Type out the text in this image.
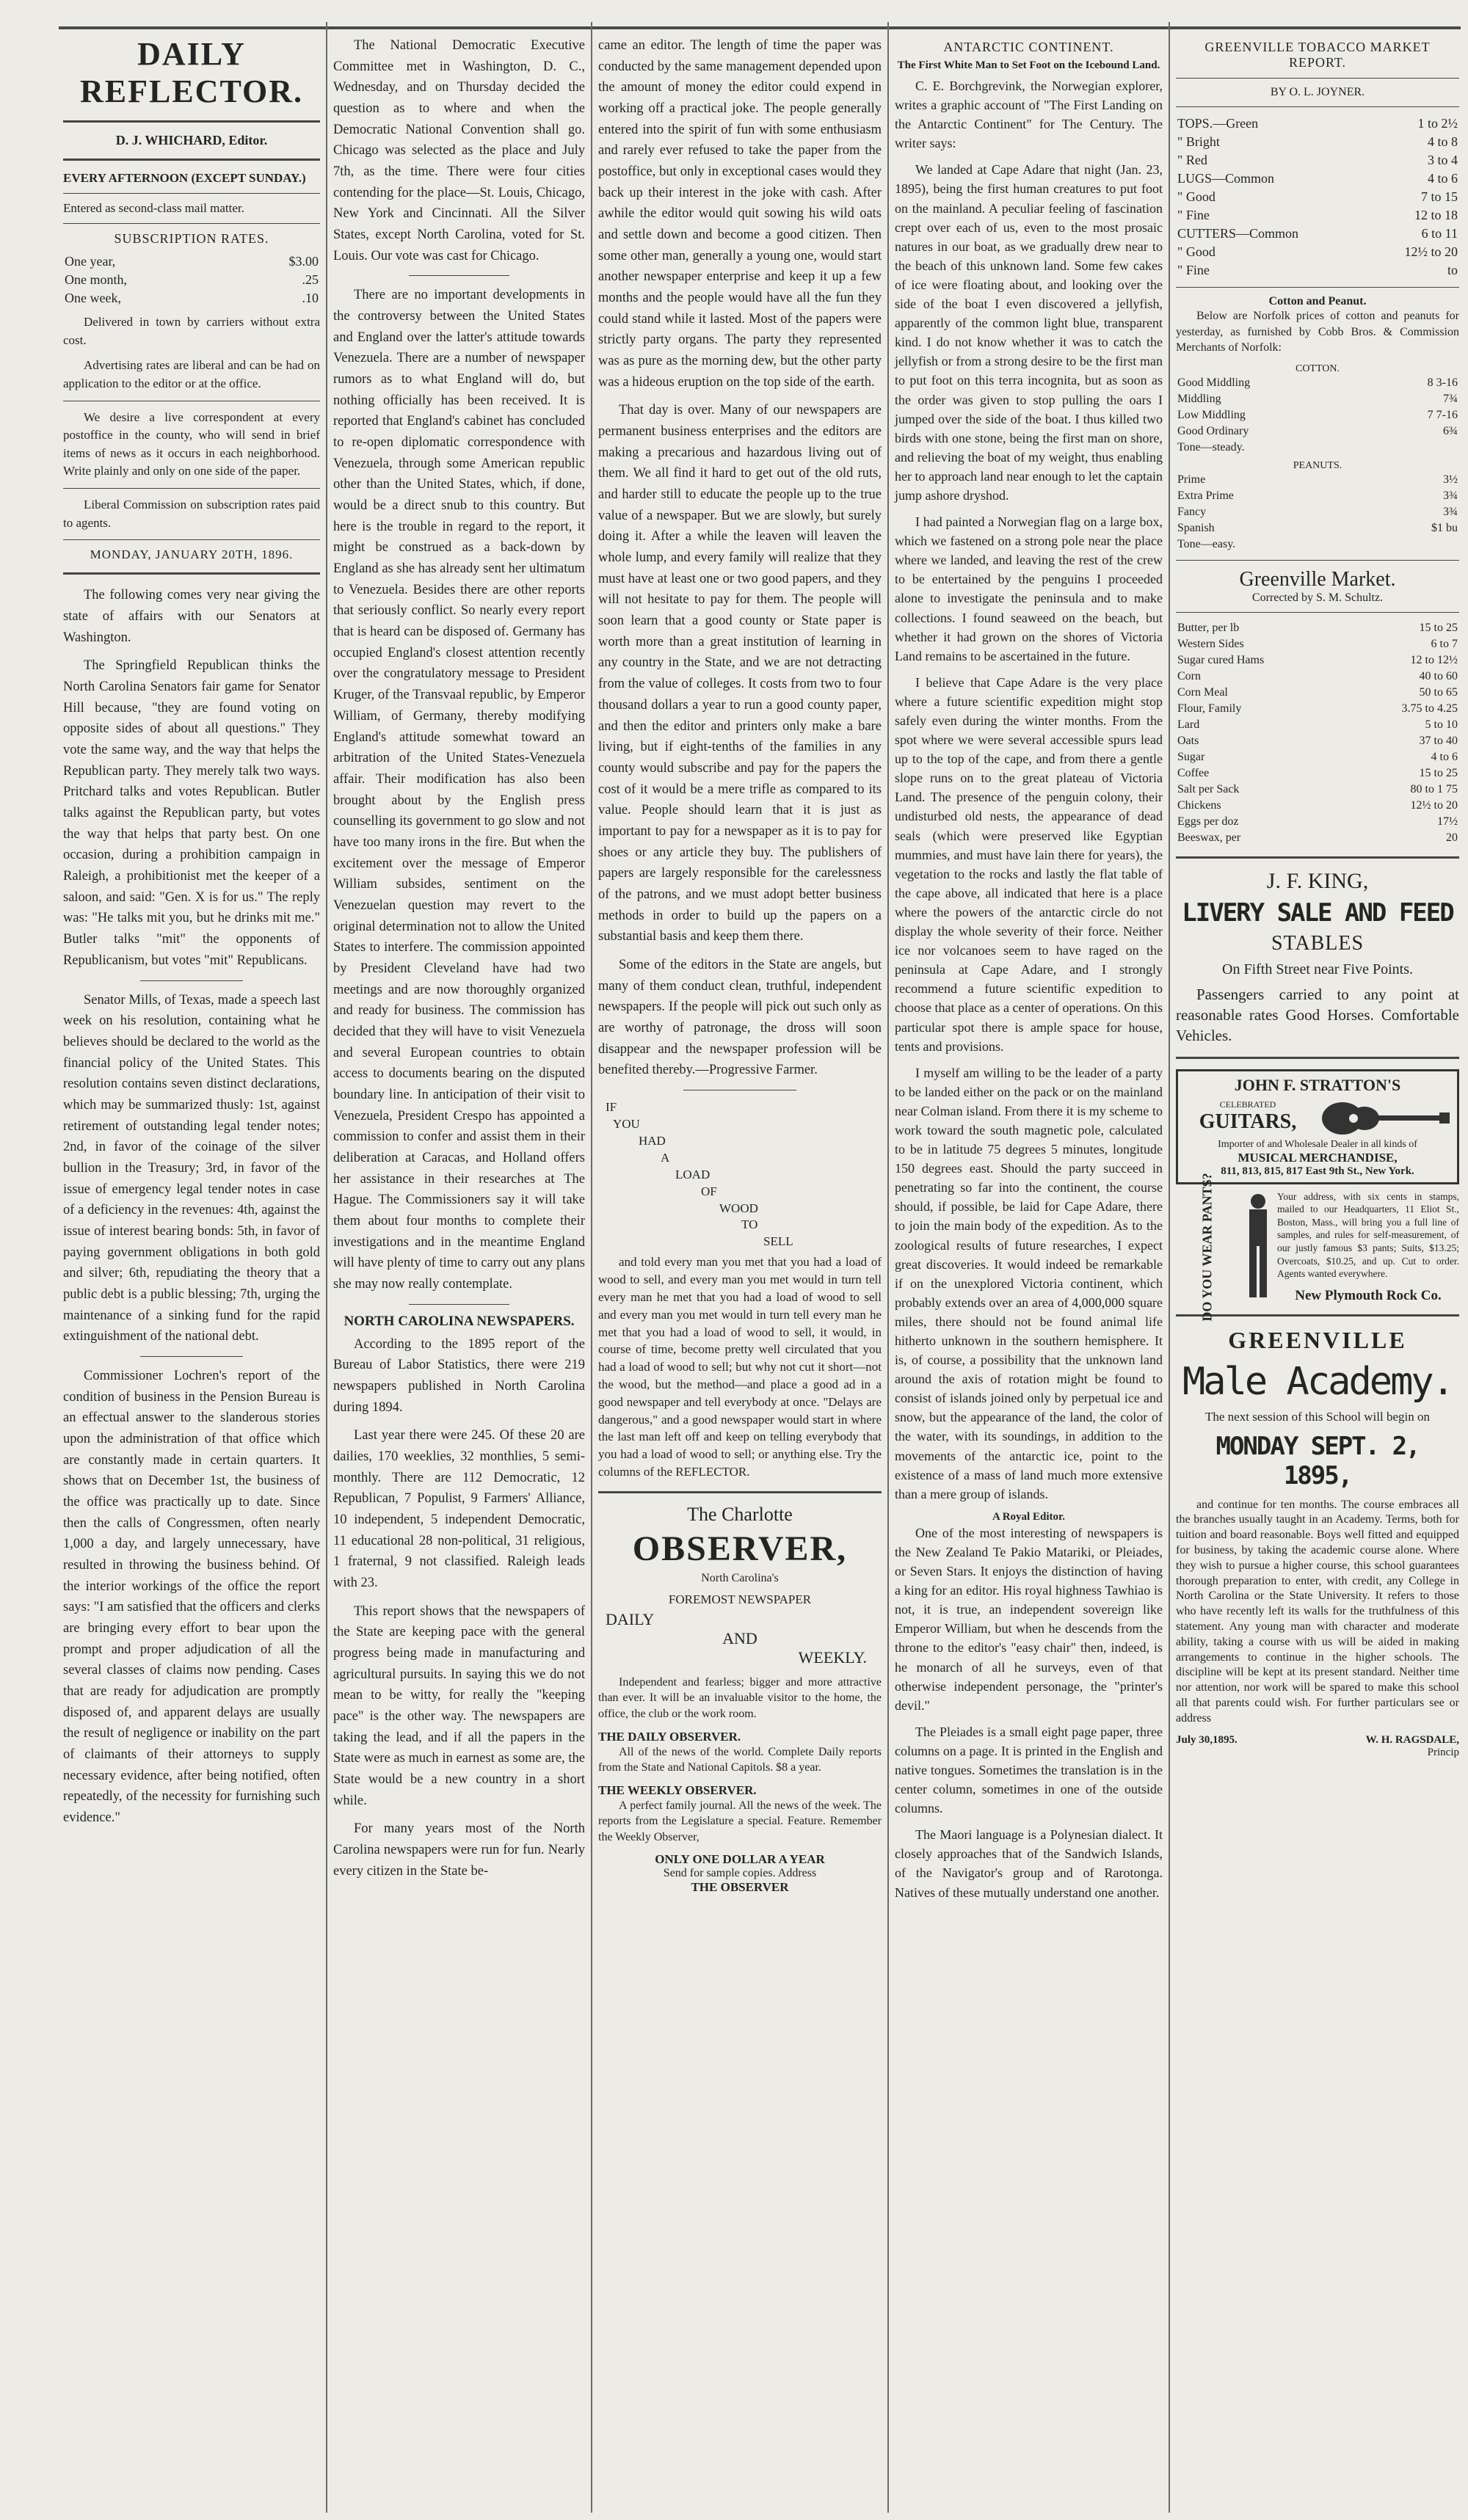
DAILY REFLECTOR.
D. J. WHICHARD, Editor.
EVERY AFTERNOON (EXCEPT SUNDAY.)
Entered as second-class mail matter.
SUBSCRIPTION RATES.
One year,	$3.00
One month,	.25
One week,	.10

Delivered in town by carriers without extra cost.

Advertising rates are liberal and can be had on application to the editor or at the office.

We desire a live correspondent at every postoffice in the county, who will send in brief items of news as it occurs in each neighborhood. Write plainly and only on one side of the paper.

Liberal Commission on subscription rates paid to agents.

MONDAY, JANUARY 20TH, 1896.

The following comes very near giving the state of affairs with our Senators at Washington.

The Springfield Republican thinks the North Carolina Senators fair game for Senator Hill because, "they are found voting on opposite sides of about all questions." They vote the same way, and the way that helps the Republican party. They merely talk two ways. Pritchard talks and votes Republican. Butler talks against the Republican party, but votes the way that helps that party best. On one occasion, during a prohibition campaign in Raleigh, a prohibitionist met the keeper of a saloon, and said: "Gen. X is for us." The reply was: "He talks mit you, but he drinks mit me." Butler talks "mit" the opponents of Republicanism, but votes "mit" Republicans.

Senator Mills, of Texas, made a speech last week on his resolution, containing what he believes should be declared to the world as the financial policy of the United States. This resolution contains seven distinct declarations, which may be summarized thusly: 1st, against retirement of outstanding legal tender notes; 2nd, in favor of the coinage of the silver bullion in the Treasury; 3rd, in favor of the issue of emergency legal tender notes in case of a deficiency in the revenues: 4th, against the issue of interest bearing bonds: 5th, in favor of paying government obligations in both gold and silver; 6th, repudiating the theory that a public debt is a public blessing; 7th, urging the maintenance of a sinking fund for the rapid extinguishment of the national debt.

Commissioner Lochren's report of the condition of business in the Pension Bureau is an effectual answer to the slanderous stories upon the administration of that office which are constantly made in certain quarters. It shows that on December 1st, the business of the office was practically up to date. Since then the calls of Congressmen, often nearly 1,000 a day, and largely unnecessary, have resulted in throwing the business behind. Of the interior workings of the office the report says: "I am satisfied that the officers and clerks are bringing every effort to bear upon the prompt and proper adjudication of all the several classes of claims now pending. Cases that are ready for adjudication are promptly disposed of, and apparent delays are usually the result of negligence or inability on the part of claimants of their attorneys to supply necessary evidence, after being notified, often repeatedly, of the necessity for furnishing such evidence."

The National Democratic Executive Committee met in Washington, D. C., Wednesday, and on Thursday decided the question as to where and when the Democratic National Convention shall go. Chicago was selected as the place and July 7th, as the time. There were four cities contending for the place—St. Louis, Chicago, New York and Cincinnati. All the Silver States, except North Carolina, voted for St. Louis. Our vote was cast for Chicago.

There are no important developments in the controversy between the United States and England over the latter's attitude towards Venezuela. There are a number of newspaper rumors as to what England will do, but nothing officially has been received. It is reported that England's cabinet has concluded to re-open diplomatic correspondence with Venezuela, through some American republic other than the United States, which, if done, would be a direct snub to this country. But here is the trouble in regard to the report, it might be construed as a back-down by England as she has already sent her ultimatum to Venezuela. Besides there are other reports that seriously conflict. So nearly every report that is heard can be disposed of. Germany has occupied England's closest attention recently over the congratulatory message to President Kruger, of the Transvaal republic, by Emperor William, of Germany, thereby modifying England's attitude somewhat toward an arbitration of the United States-Venezuela affair. Their modification has also been brought about by the English press counselling its government to go slow and not have too many irons in the fire. But when the excitement over the message of Emperor William subsides, sentiment on the Venezuelan question may revert to the original determination not to allow the United States to interfere. The commission appointed by President Cleveland have had two meetings and are now thoroughly organized and ready for business. The commission has decided that they will have to visit Venezuela and several European countries to obtain access to documents bearing on the disputed boundary line. In anticipation of their visit to Venezuela, President Crespo has appointed a commission to confer and assist them in their deliberation at Caracas, and Holland offers her assistance in their researches at The Hague. The Commissioners say it will take them about four months to complete their investigations and in the meantime England will have plenty of time to carry out any plans she may now really contemplate.

NORTH CAROLINA NEWSPAPERS.

According to the 1895 report of the Bureau of Labor Statistics, there were 219 newspapers published in North Carolina during 1894.

Last year there were 245. Of these 20 are dailies, 170 weeklies, 32 monthlies, 5 semi-monthly. There are 112 Democratic, 12 Republican, 7 Populist, 9 Farmers' Alliance, 10 independent, 5 independent Democratic, 11 educational 28 non-political, 31 religious, 1 fraternal, 9 not classified. Raleigh leads with 23.

This report shows that the newspapers of the State are keeping pace with the general progress being made in manufacturing and agricultural pursuits. In saying this we do not mean to be witty, for really the "keeping pace" is the other way. The newspapers are taking the lead, and if all the papers in the State were as much in earnest as some are, the State would be a new country in a short while.

For many years most of the North Carolina newspapers were run for fun. Nearly every citizen in the State be-

came an editor. The length of time the paper was conducted by the same management depended upon the amount of money the editor could expend in working off a practical joke. The people generally entered into the spirit of fun with some enthusiasm and rarely ever refused to take the paper from the postoffice, but only in exceptional cases would they back up their interest in the joke with cash. After awhile the editor would quit sowing his wild oats and settle down and become a good citizen. Then some other man, generally a young one, would start another newspaper enterprise and keep it up a few months and the people would have all the fun they could stand while it lasted. Most of the papers were strictly party organs. The party they represented was as pure as the morning dew, but the other party was a hideous eruption on the top side of the earth.

That day is over. Many of our newspapers are permanent business enterprises and the editors are making a precarious and hazardous living out of them. We all find it hard to get out of the old ruts, and harder still to educate the people up to the true value of a newspaper. But we are slowly, but surely doing it. After a while the leaven will leaven the whole lump, and every family will realize that they must have at least one or two good papers, and they will not hesitate to pay for them. The people will soon learn that a good county or State paper is worth more than a great institution of learning in any country in the State, and we are not detracting from the value of colleges. It costs from two to four thousand dollars a year to run a good county paper, and then the editor and printers only make a bare living, but if eight-tenths of the families in any county would subscribe and pay for the papers the cost of it would be a mere trifle as compared to its value. People should learn that it is just as important to pay for a newspaper as it is to pay for shoes or any article they buy. The publishers of papers are largely responsible for the carelessness of the patrons, and we must adopt better business methods in order to build up the papers on a substantial basis and keep them there.

Some of the editors in the State are angels, but many of them conduct clean, truthful, independent newspapers. If the people will pick out such only as are worthy of patronage, the dross will soon disappear and the newspaper profession will be benefited thereby.—Progressive Farmer.

IF
YOU
HAD
A
LOAD
OF
WOOD
TO
SELL

and told every man you met that you had a load of wood to sell, and every man you met would in turn tell every man he met that you had a load of wood to sell and every man you met would in turn tell every man he met that you had a load of wood to sell, it would, in course of time, become pretty well circulated that you had a load of wood to sell; but why not cut it short—not the wood, but the method—and place a good ad in a good newspaper and tell everybody at once. "Delays are dangerous," and a good newspaper would start in where the last man left off and keep on telling everybody that you had a load of wood to sell; or anything else. Try the columns of the REFLECTOR.

The Charlotte
OBSERVER,
North Carolina's
FOREMOST NEWSPAPER
DAILY
AND
WEEKLY.

Independent and fearless; bigger and more attractive than ever. It will be an invaluable visitor to the home, the office, the club or the work room.

THE DAILY OBSERVER.

All of the news of the world. Complete Daily reports from the State and National Capitols. $8 a year.

THE WEEKLY OBSERVER.

A perfect family journal. All the news of the week. The reports from the Legislature a special. Feature. Remember the Weekly Observer,

ONLY ONE DOLLAR A YEAR
Send for sample copies. Address
THE OBSERVER
ANTARCTIC CONTINENT.
The First White Man to Set Foot on the Icebound Land.

C. E. Borchgrevink, the Norwegian explorer, writes a graphic account of "The First Landing on the Antarctic Continent" for The Century. The writer says:

We landed at Cape Adare that night (Jan. 23, 1895), being the first human creatures to put foot on the mainland. A peculiar feeling of fascination crept over each of us, even to the most prosaic natures in our boat, as we gradually drew near to the beach of this unknown land. Some few cakes of ice were floating about, and looking over the side of the boat I even discovered a jellyfish, apparently of the common light blue, transparent kind. I do not know whether it was to catch the jellyfish or from a strong desire to be the first man to put foot on this terra incognita, but as soon as the order was given to stop pulling the oars I jumped over the side of the boat. I thus killed two birds with one stone, being the first man on shore, and relieving the boat of my weight, thus enabling her to approach land near enough to let the captain jump ashore dryshod.

I had painted a Norwegian flag on a large box, which we fastened on a strong pole near the place where we landed, and leaving the rest of the crew to be entertained by the penguins I proceeded alone to investigate the peninsula and to make collections. I found seaweed on the beach, but whether it had grown on the shores of Victoria Land remains to be ascertained in the future.

I believe that Cape Adare is the very place where a future scientific expedition might stop safely even during the winter months. From the spot where we were several accessible spurs lead up to the top of the cape, and from there a gentle slope runs on to the great plateau of Victoria Land. The presence of the penguin colony, their undisturbed old nests, the appearance of dead seals (which were preserved like Egyptian mummies, and must have lain there for years), the vegetation to the rocks and lastly the flat table of the cape above, all indicated that here is a place where the powers of the antarctic circle do not display the whole severity of their force. Neither ice nor volcanoes seem to have raged on the peninsula at Cape Adare, and I strongly recommend a future scientific expedition to choose that place as a center of operations. On this particular spot there is ample space for house, tents and provisions.

I myself am willing to be the leader of a party to be landed either on the pack or on the mainland near Colman island. From there it is my scheme to work toward the south magnetic pole, calculated to be in latitude 75 degrees 5 minutes, longitude 150 degrees east. Should the party succeed in penetrating so far into the continent, the course should, if possible, be laid for Cape Adare, there to join the main body of the expedition. As to the zoological results of future researches, I expect great discoveries. It would indeed be remarkable if on the unexplored Victoria continent, which probably extends over an area of 4,000,000 square miles, there should not be found animal life hitherto unknown in the southern hemisphere. It is, of course, a possibility that the unknown land around the axis of rotation might be found to consist of islands joined only by perpetual ice and snow, but the appearance of the land, the color of the water, with its soundings, in addition to the movements of the antarctic ice, point to the existence of a mass of land much more extensive than a mere group of islands.

A Royal Editor.

One of the most interesting of newspapers is the New Zealand Te Pakio Matariki, or Pleiades, or Seven Stars. It enjoys the distinction of having a king for an editor. His royal highness Tawhiao is not, it is true, an independent sovereign like Emperor William, but when he descends from the throne to the editor's "easy chair" then, indeed, is he monarch of all he surveys, even of that otherwise independent personage, the "printer's devil."

The Pleiades is a small eight page paper, three columns on a page. It is printed in the English and native tongues. Sometimes the translation is in the center column, sometimes in one of the outside columns.

The Maori language is a Polynesian dialect. It closely approaches that of the Sandwich Islands, of the Navigator's group and of Rarotonga. Natives of these mutually understand one another.

GREENVILLE TOBACCO MARKET REPORT.
BY O. L. JOYNER.
TOPS.—Green	1 to 2½
" Bright	4 to 8
" Red	3 to 4
LUGS—Common	4 to 6
" Good	7 to 15
" Fine	12 to 18
CUTTERS—Common	6 to 11
" Good	12½ to 20
" Fine	to
Cotton and Peanut.

Below are Norfolk prices of cotton and peanuts for yesterday, as furnished by Cobb Bros. & Commission Merchants of Norfolk:

COTTON.
Good Middling	8 3-16
Middling	7¾
Low Middling	7 7-16
Good Ordinary	6¾
Tone—steady.	
PEANUTS.
Prime	3½
Extra Prime	3¾
Fancy	3¾
Spanish	$1 bu
Tone—easy.	
Greenville Market.
Corrected by S. M. Schultz.
Butter, per lb	15 to 25
Western Sides	6 to 7
Sugar cured Hams	12 to 12½
Corn	40 to 60
Corn Meal	50 to 65
Flour, Family	3.75 to 4.25
Lard	5 to 10
Oats	37 to 40
Sugar	4 to 6
Coffee	15 to 25
Salt per Sack	80 to 1 75
Chickens	12½ to 20
Eggs per doz	17½
Beeswax, per	20
J. F. KING,
LIVERY SALE AND FEED
STABLES
On Fifth Street near Five Points.

Passengers carried to any point at reasonable rates Good Horses. Comfortable Vehicles.

JOHN F. STRATTON'S
CELEBRATED
GUITARS,
Importer of and Wholesale Dealer in all kinds of
MUSICAL MERCHANDISE,
811, 813, 815, 817 East 9th St., New York.
DO YOU WEAR PANTS?	Your address, with six cents in stamps, mailed to our Headquarters, 11 Eliot St., Boston, Mass., will bring you a full line of samples, and rules for self-measurement, of our justly famous $3 pants; Suits, $13.25; Overcoats, $10.25, and up. Cut to order. Agents wanted everywhere.

New Plymouth Rock Co.
GREENVILLE
Male Academy.
The next session of this School will begin on
MONDAY SEPT. 2, 1895,

and continue for ten months. The course embraces all the branches usually taught in an Academy. Terms, both for tuition and board reasonable. Boys well fitted and equipped for business, by taking the academic course alone. Where they wish to pursue a higher course, this school guarantees thorough preparation to enter, with credit, any College in North Carolina or the State University. It refers to those who have recently left its walls for the truthfulness of this statement. Any young man with character and moderate ability, taking a course with us will be aided in making arrangements to continue in the higher schools. The discipline will be kept at its present standard. Neither time nor attention, nor work will be spared to make this school all that parents could wish. For further particulars see or address

July 30,1895.	W. H. RAGSDALE,
Princip
